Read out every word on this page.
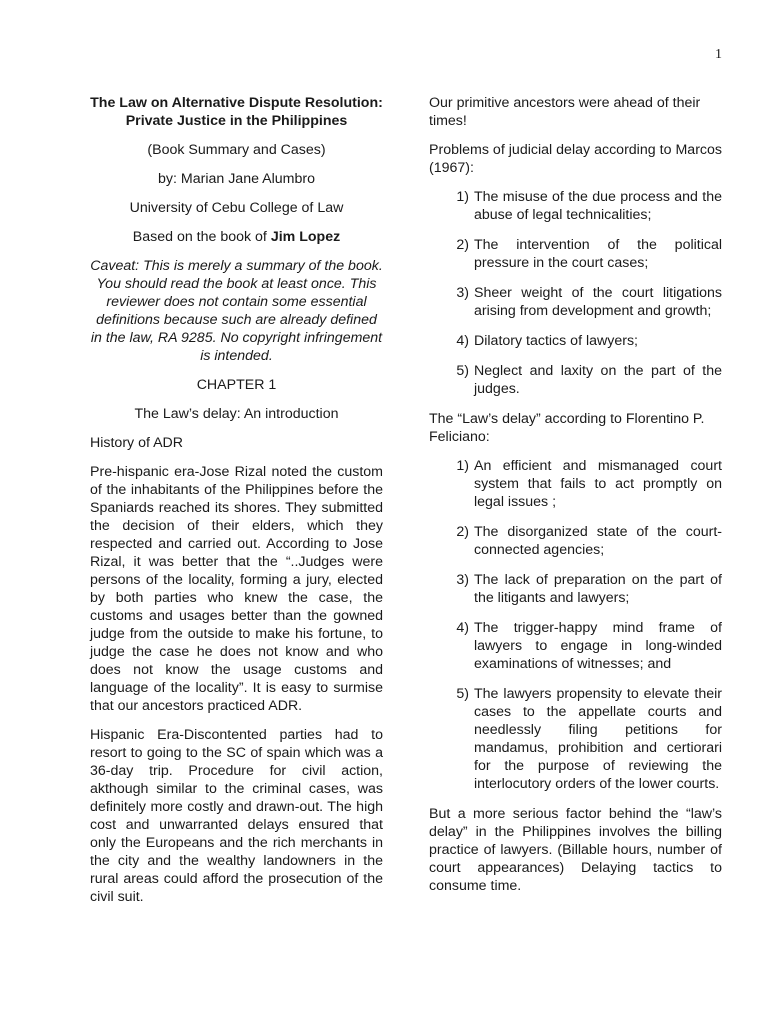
1

The Law on Alternative Dispute Resolution: Private Justice in the Philippines

(Book Summary and Cases)

by: Marian Jane Alumbro

University of Cebu College of Law

Based on the book of Jim Lopez

Caveat: This is merely a summary of the book. You should read the book at least once. This reviewer does not contain some essential definitions because such are already defined in the law, RA 9285. No copyright infringement is intended.

CHAPTER 1

The Law’s delay: An introduction

History of ADR

Pre-hispanic era-Jose Rizal noted the custom of the inhabitants of the Philippines before the Spaniards reached its shores. They submitted the decision of their elders, which they respected and carried out. According to Jose Rizal, it was better that the “..Judges were persons of the locality, forming a jury, elected by both parties who knew the case, the customs and usages better than the gowned judge from the outside to make his fortune, to judge the case he does not know and who does not know the usage customs and language of the locality”. It is easy to surmise that our ancestors practiced ADR.

Hispanic Era-Discontented parties had to resort to going to the SC of spain which was a 36-day trip. Procedure for civil action, akthough similar to the criminal cases, was definitely more costly and drawn-out. The high cost and unwarranted delays ensured that only the Europeans and the rich merchants in the city and the wealthy landowners in the rural areas could afford the prosecution of the civil suit.

Our primitive ancestors were ahead of their times!

Problems of judicial delay according to Marcos (1967):

1) The misuse of the due process and the abuse of legal technicalities;
2) The intervention of the political pressure in the court cases;
3) Sheer weight of the court litigations arising from development and growth;
4) Dilatory tactics of lawyers;
5) Neglect and laxity on the part of the judges.

The “Law’s delay” according to Florentino P. Feliciano:

1) An efficient and mismanaged court system that fails to act promptly on legal issues ;
2) The disorganized state of the court-connected agencies;
3) The lack of preparation on the part of the litigants and lawyers;
4) The trigger-happy mind frame of lawyers to engage in long-winded examinations of witnesses; and
5) The lawyers propensity to elevate their cases to the appellate courts and needlessly filing petitions for mandamus, prohibition and certiorari for the purpose of reviewing the interlocutory orders of the lower courts.

But a more serious factor behind the “law’s delay” in the Philippines involves the billing practice of lawyers. (Billable hours, number of court appearances) Delaying tactics to consume time.
